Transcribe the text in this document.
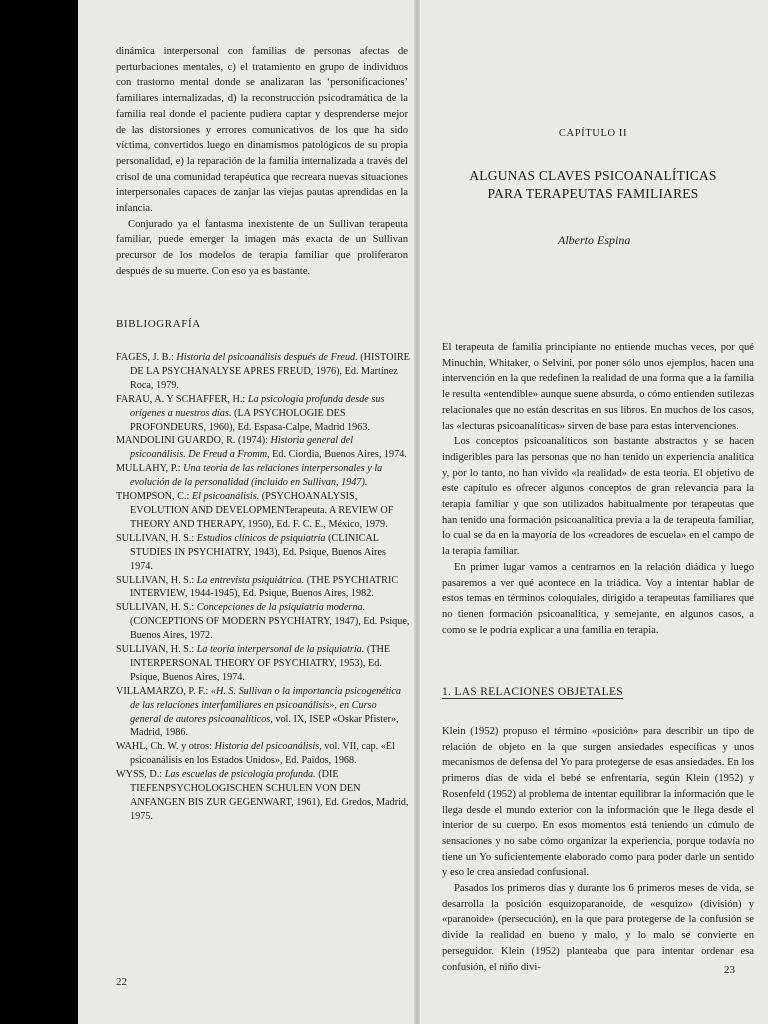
dinámica interpersonal con familias de personas afectas de perturbaciones mentales, c) el tratamiento en grupo de individuos con trastorno mental donde se analizaran las ‘personificaciones’ familiares internalizadas, d) la reconstrucción psicodramática de la familia real donde el paciente pudiera captar y desprenderse mejor de las distorsiones y errores comunicativos de los que ha sido víctima, convertidos luego en dinamismos patológicos de su propia personalidad, e) la reparación de la familia internalizada a través del crisol de una comunidad terapéutica que recreara nuevas situaciones interpersonales capaces de zanjar las viejas pautas aprendidas en la infancia.

Conjurado ya el fantasma inexistente de un Sullivan terapeuta familiar, puede emerger la imagen más exacta de un Sullivan precursor de los modelos de terapia familiar que proliferaron después de su muerte. Con eso ya es bastante.

BIBLIOGRAFÍA

FAGES, J. B.: Historia del psicoanálisis después de Freud. (HISTOIRE DE LA PSYCHANALYSE APRES FREUD, 1976), Ed. Martínez Roca, 1979.

FARAU, A. Y SCHAFFER, H.: La psicología profunda desde sus orígenes a nuestros días. (LA PSYCHOLOGIE DES PROFONDEURS, 1960), Ed. Espasa-Calpe, Madrid 1963.

MANDOLINI GUARDO, R. (1974): Historia general del psicoanálisis. De Freud a Fromm, Ed. Ciordia, Buenos Aires, 1974.

MULLAHY, P.: Una teoría de las relaciones interpersonales y la evolución de la personalidad (incluido en Sullivan, 1947).

THOMPSON, C.: El psicoanálisis. (PSYCHOANALYSIS, EVOLUTION AND DEVELOPMENTerapeuta. A REVIEW OF THEORY AND THERAPY, 1950), Ed. F. C. E., México, 1979.

SULLIVAN, H. S.: Estudios clínicos de psiquiatría (CLINICAL STUDIES IN PSYCHIATRY, 1943), Ed. Psique, Buenos Aires 1974.

SULLIVAN, H. S.: La entrevista psiquiátrica. (THE PSYCHIATRIC INTERVIEW, 1944-1945), Ed. Psique, Buenos Aires, 1982.

SULLIVAN, H. S.: Concepciones de la psiquiatría moderna. (CONCEPTIONS OF MODERN PSYCHIATRY, 1947), Ed. Psique, Buenos Aires, 1972.

SULLIVAN, H. S.: La teoría interpersonal de la psiquiatría. (THE INTERPERSONAL THEORY OF PSYCHIATRY, 1953), Ed. Psique, Buenos Aires, 1974.

VILLAMARZO, P. F.: «H. S. Sullivan o la importancia psicogenética de las relaciones interfamiliares en psicoanálisis», en Curso general de autores psicoanalíticos, vol. IX, ISEP «Oskar Pfister», Madrid, 1986.

WAHL, Ch. W. y otros: Historia del psicoanálisis, vol. VII, cap. «El psicoanálisis en los Estados Unidos», Ed. Paidos, 1968.

WYSS, D.: Las escuelas de psicología profunda. (DIE TIEFENPSYCHOLOGISCHEN SCHULEN VON DEN ANFANGEN BIS ZUR GEGENWART, 1961), Ed. Gredos, Madrid, 1975.

22

CAPÍTULO II

ALGUNAS CLAVES PSICOANALÍTICAS
PARA TERAPEUTAS FAMILIARES

Alberto Espina

El terapeuta de familia principiante no entiende muchas veces, por qué Minuchin, Whitaker, o Selvini, por poner sólo unos ejemplos, hacen una intervención en la que redefinen la realidad de una forma que a la familia le resulta «entendible» aunque suene absurda, o cómo entienden sutilezas relacionales que no están descritas en sus libros. En muchos de los casos, las «lecturas psicoanalíticas» sirven de base para estas intervenciones.

Los conceptos psicoanalíticos son bastante abstractos y se hacen indigeribles para las personas que no han tenido un experiencia analítica y, por lo tanto, no han vivido «la realidad» de esta teoría. El objetivo de este capítulo es ofrecer algunos conceptos de gran relevancia para la terapia familiar y que son utilizados habitualmente por terapeutas que han tenido una formación psicoanalítica previa a la de terapeuta familiar, lo cual se da en la mayoría de los «creadores de escuela» en el campo de la terapia familiar.

En primer lugar vamos a centrarnos en la relación diádica y luego pasaremos a ver qué acontece en la triádica. Voy a intentar hablar de estos temas en términos coloquiales, dirigido a terapeutas familiares que no tienen formación psicoanalítica, y semejante, en algunos casos, a como se le podría explicar a una familia en terapia.

1. LAS RELACIONES OBJETALES

Klein (1952) propuso el término «posición» para describir un tipo de relación de objeto en la que surgen ansiedades específicas y unos mecanismos de defensa del Yo para protegerse de esas ansiedades. En los primeros días de vida el bebé se enfrentaría, según Klein (1952) y Rosenfeld (1952) al problema de intentar equilibrar la información que le llega desde el mundo exterior con la información que le llega desde el interior de su cuerpo. En esos momentos está teniendo un cúmulo de sensaciones y no sabe cómo organizar la experiencia, porque todavía no tiene un Yo suficientemente elaborado como para poder darle un sentido y eso le crea ansiedad confusional.

Pasados los primeros días y durante los 6 primeros meses de vida, se desarrolla la posición esquizoparanoide, de «esquizo» (división) y «paranoide» (persecución), en la que para protegerse de la confusión se divide la realidad en bueno y malo, y lo malo se convierte en perseguidor. Klein (1952) planteaba que para intentar ordenar esa confusión, el niño divi-	23
